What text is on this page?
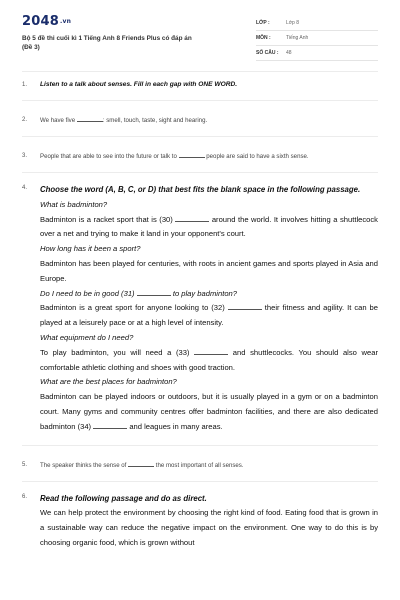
2048.vn
Bộ 5 đề thi cuối kì 1 Tiếng Anh 8 Friends Plus có đáp án
(Đề 3)
LỚP :	Lớp 8
MÔN :	Tiếng Anh
SỐ CÂU :	48
1.	Listen to a talk about senses. Fill in each gap with ONE WORD.
2.	We have five	: smell, touch, taste, sight and hearing.
3.	People that are able to see into the future or talk to	people are said to have a sixth sense.
4.	Choose the word (A, B, C, or D) that best fits the blank space in the following passage.
What is badminton?
Badminton is a racket sport that is (30)	around the world. It involves hitting a shuttlecock over a net and trying to make it land in your opponent's court.
How long has it been a sport?
Badminton has been played for centuries, with roots in ancient games and sports played in Asia and Europe.
Do I need to be in good (31)	to play badminton?
Badminton is a great sport for anyone looking to (32)	their fitness and agility. It can be played at a leisurely pace or at a high level of intensity.
What equipment do I need?
To play badminton, you will need a (33)	and shuttlecocks. You should also wear comfortable athletic clothing and shoes with good traction.
What are the best places for badminton?
Badminton can be played indoors or outdoors, but it is usually played in a gym or on a badminton court. Many gyms and community centres offer badminton facilities, and there are also dedicated badminton (34)	and leagues in many areas.
5.	The speaker thinks the sense of	the most important of all senses.
6.	Read the following passage and do as direct.
We can help protect the environment by choosing the right kind of food. Eating food that is grown in a sustainable way can reduce the negative impact on the environment. One way to do this is by choosing organic food, which is grown without
